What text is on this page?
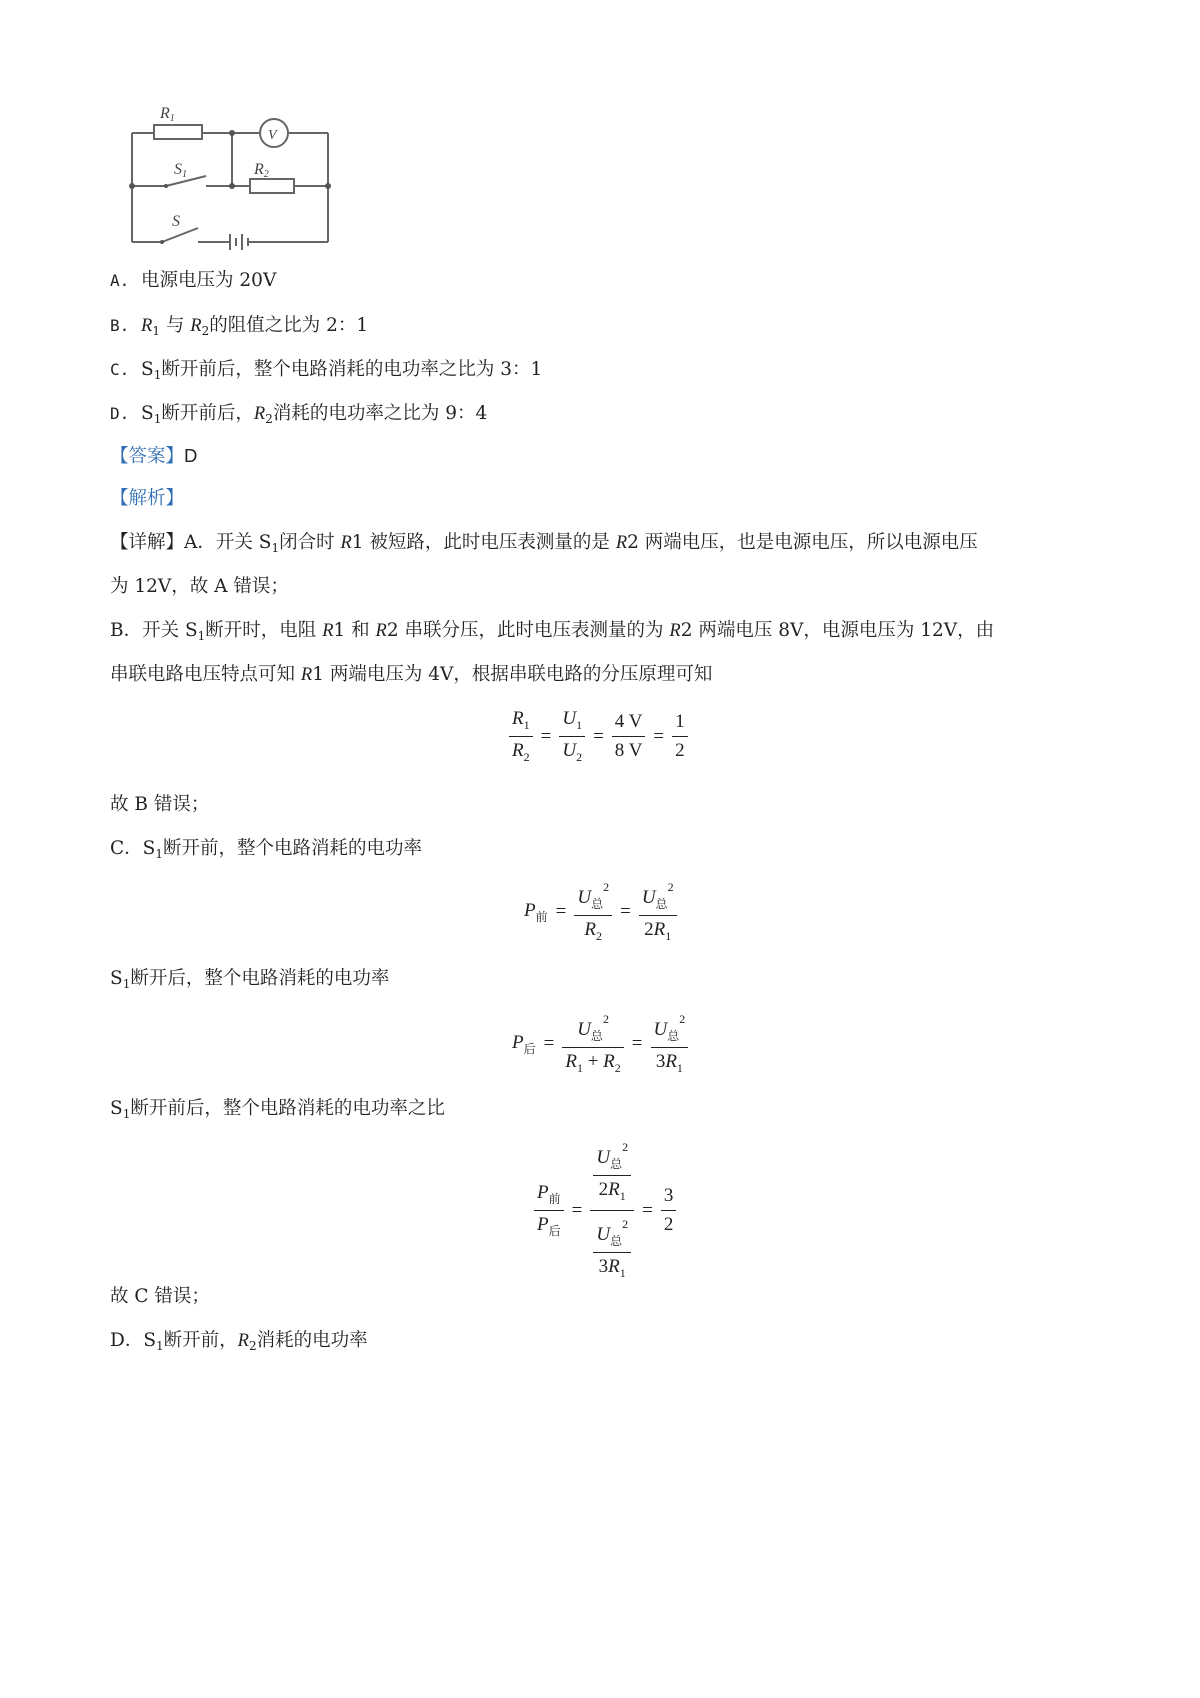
R1
V
S1	R2
S
A. 电源电压为 20V
B. $R_1$ 与 $R_2$的阻值之比为 2：1
C. $S_1$断开前后，整个电路消耗的电功率之比为 3：1
D. $S_1$断开前后，$R_2$消耗的电功率之比为 9：4
【答案】D
【解析】
【详解】A．开关 $S_1$闭合时 R1 被短路，此时电压表测量的是 R2 两端电压，也是电源电压，所以电源电压
为 12V，故 A 错误；
B．开关 $S_1$断开时，电阻 R1 和 R2 串联分压，此时电压表测量的为 R2 两端电压 8V，电源电压为 12V，由
串联电路电压特点可知 R1 两端电压为 4V，根据串联电路的分压原理可知
$\frac{R_1}{R_2} = \frac{U_1}{U_2} = \frac{4 V}{8 V} = \frac{1}{2}$
故 B 错误；
C．$S_1$断开前，整个电路消耗的电功率
$P_前 = \frac{U_总^2}{R_2} = \frac{U_总^2}{2R_1}$
$S_1$断开后，整个电路消耗的电功率
$P_后 = \frac{U_总^2}{R_1 + R_2} = \frac{U_总^2}{3R_1}$
$S_1$断开前后，整个电路消耗的电功率之比
$\frac{P_前}{P_后} = \frac{\frac{U_总^2}{2R_1}}{\frac{U_总^2}{3R_1}} = \frac{3}{2}$
故 C 错误；
D．$S_1$断开前，$R_2$消耗的电功率
